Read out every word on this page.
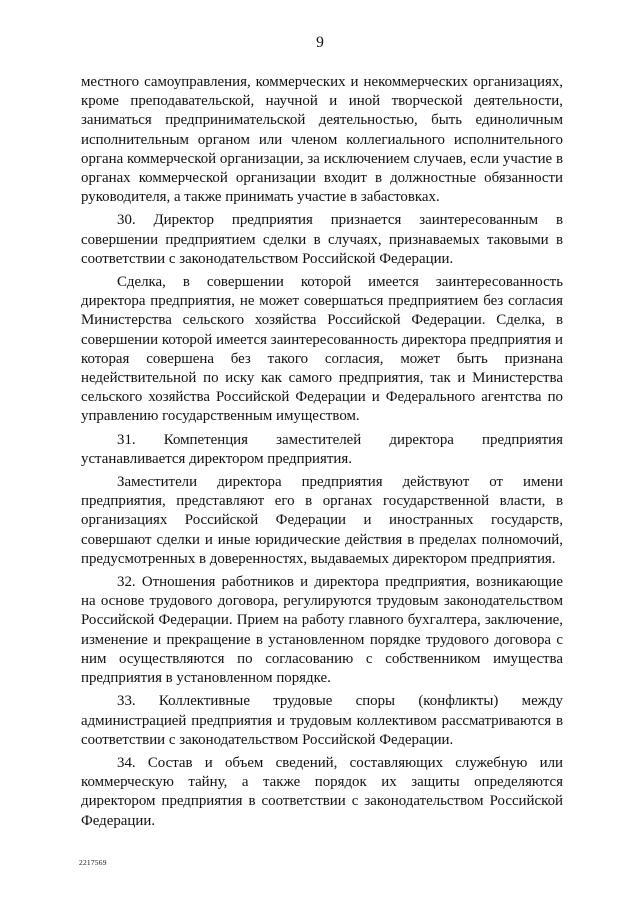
9

местного самоуправления, коммерческих и некоммерческих организациях, кроме преподавательской, научной и иной творческой деятельности, заниматься предпринимательской деятельностью, быть единоличным исполнительным органом или членом коллегиального исполнительного органа коммерческой организации, за исключением случаев, если участие в органах коммерческой организации входит в должностные обязанности руководителя, а также принимать участие в забастовках.

30. Директор предприятия признается заинтересованным в совершении предприятием сделки в случаях, признаваемых таковыми в соответствии с законодательством Российской Федерации.

Сделка, в совершении которой имеется заинтересованность директора предприятия, не может совершаться предприятием без согласия Министерства сельского хозяйства Российской Федерации. Сделка, в совершении которой имеется заинтересованность директора предприятия и которая совершена без такого согласия, может быть признана недействительной по иску как самого предприятия, так и Министерства сельского хозяйства Российской Федерации и Федерального агентства по управлению государственным имуществом.

31. Компетенция заместителей директора предприятия устанавливается директором предприятия.

Заместители директора предприятия действуют от имени предприятия, представляют его в органах государственной власти, в организациях Российской Федерации и иностранных государств, совершают сделки и иные юридические действия в пределах полномочий, предусмотренных в доверенностях, выдаваемых директором предприятия.

32. Отношения работников и директора предприятия, возникающие на основе трудового договора, регулируются трудовым законодательством Российской Федерации. Прием на работу главного бухгалтера, заключение, изменение и прекращение в установленном порядке трудового договора с ним осуществляются по согласованию с собственником имущества предприятия в установленном порядке.

33. Коллективные трудовые споры (конфликты) между администрацией предприятия и трудовым коллективом рассматриваются в соответствии с законодательством Российской Федерации.

34. Состав и объем сведений, составляющих служебную или коммерческую тайну, а также порядок их защиты определяются директором предприятия в соответствии с законодательством Российской Федерации.

2217569
